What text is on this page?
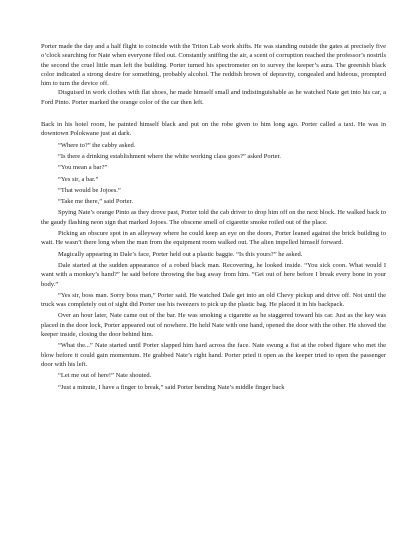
Porter made the day and a half flight to coincide with the Triton Lab work shifts. He was standing outside the gates at precisely five o’clock searching for Nate when everyone filed out. Constantly sniffing the air, a scent of corruption reached the professor’s nostrils the second the cruel little man left the building. Porter turned his spectrometer on to survey the keeper’s aura. The greenish black color indicated a strong desire for something, probably alcohol. The reddish brown of depravity, congealed and hideous, prompted him to turn the device off.

Disguised in work clothes with flat shoes, he made himself small and indistinguishable as he watched Nate get into his car, a Ford Pinto. Porter marked the orange color of the car then left.

Back in his hotel room, he painted himself black and put on the robe given to him long ago. Porter called a taxi. He was in downtown Polokwane just at dark.

“Where to?” the cabby asked.

“Is there a drinking establishment where the white working class goes?” asked Porter.

“You mean a bar?”

“Yes sir, a bar.”

“That would be Jojoes.”

“Take me there,” said Porter.

Spying Nate’s orange Pinto as they drove past, Porter told the cab driver to drop him off on the next block. He walked back to the gaudy flashing neon sign that marked Jojoes. The obscene smell of cigarette smoke roiled out of the place.

Picking an obscure spot in an alleyway where he could keep an eye on the doors, Porter leaned against the brick building to wait. He wasn’t there long when the man from the equipment room walked out. The alien impelled himself forward.

Magically appearing in Dale’s face, Porter held out a plastic baggie. “Is this yours?” he asked.

Dale started at the sudden appearance of a robed black man. Recovering, he looked inside. “You sick coon. What would I want with a monkey’s hand?” he said before throwing the bag away from him. “Get out of here before I break every bone in your body.”

“Yes sir, boss man. Sorry boss man,” Porter said. He watched Dale get into an old Chevy pickup and drive off. Not until the truck was completely out of sight did Porter use his tweezers to pick up the plastic bag. He placed it in his backpack.

Over an hour later, Nate came out of the bar. He was smoking a cigarette as he staggered toward his car. Just as the key was placed in the door lock, Porter appeared out of nowhere. He held Nate with one hand, opened the door with the other. He shoved the keeper inside, closing the door behind him.

“What the...” Nate started until Porter slapped him hard across the face. Nate swung a fist at the robed figure who met the blow before it could gain momentum. He grabbed Nate’s right hand. Porter pried it open as the keeper tried to open the passenger door with his left.

“Let me out of here!” Nate shouted.

“Just a minute, I have a finger to break,” said Porter bending Nate’s middle finger back
